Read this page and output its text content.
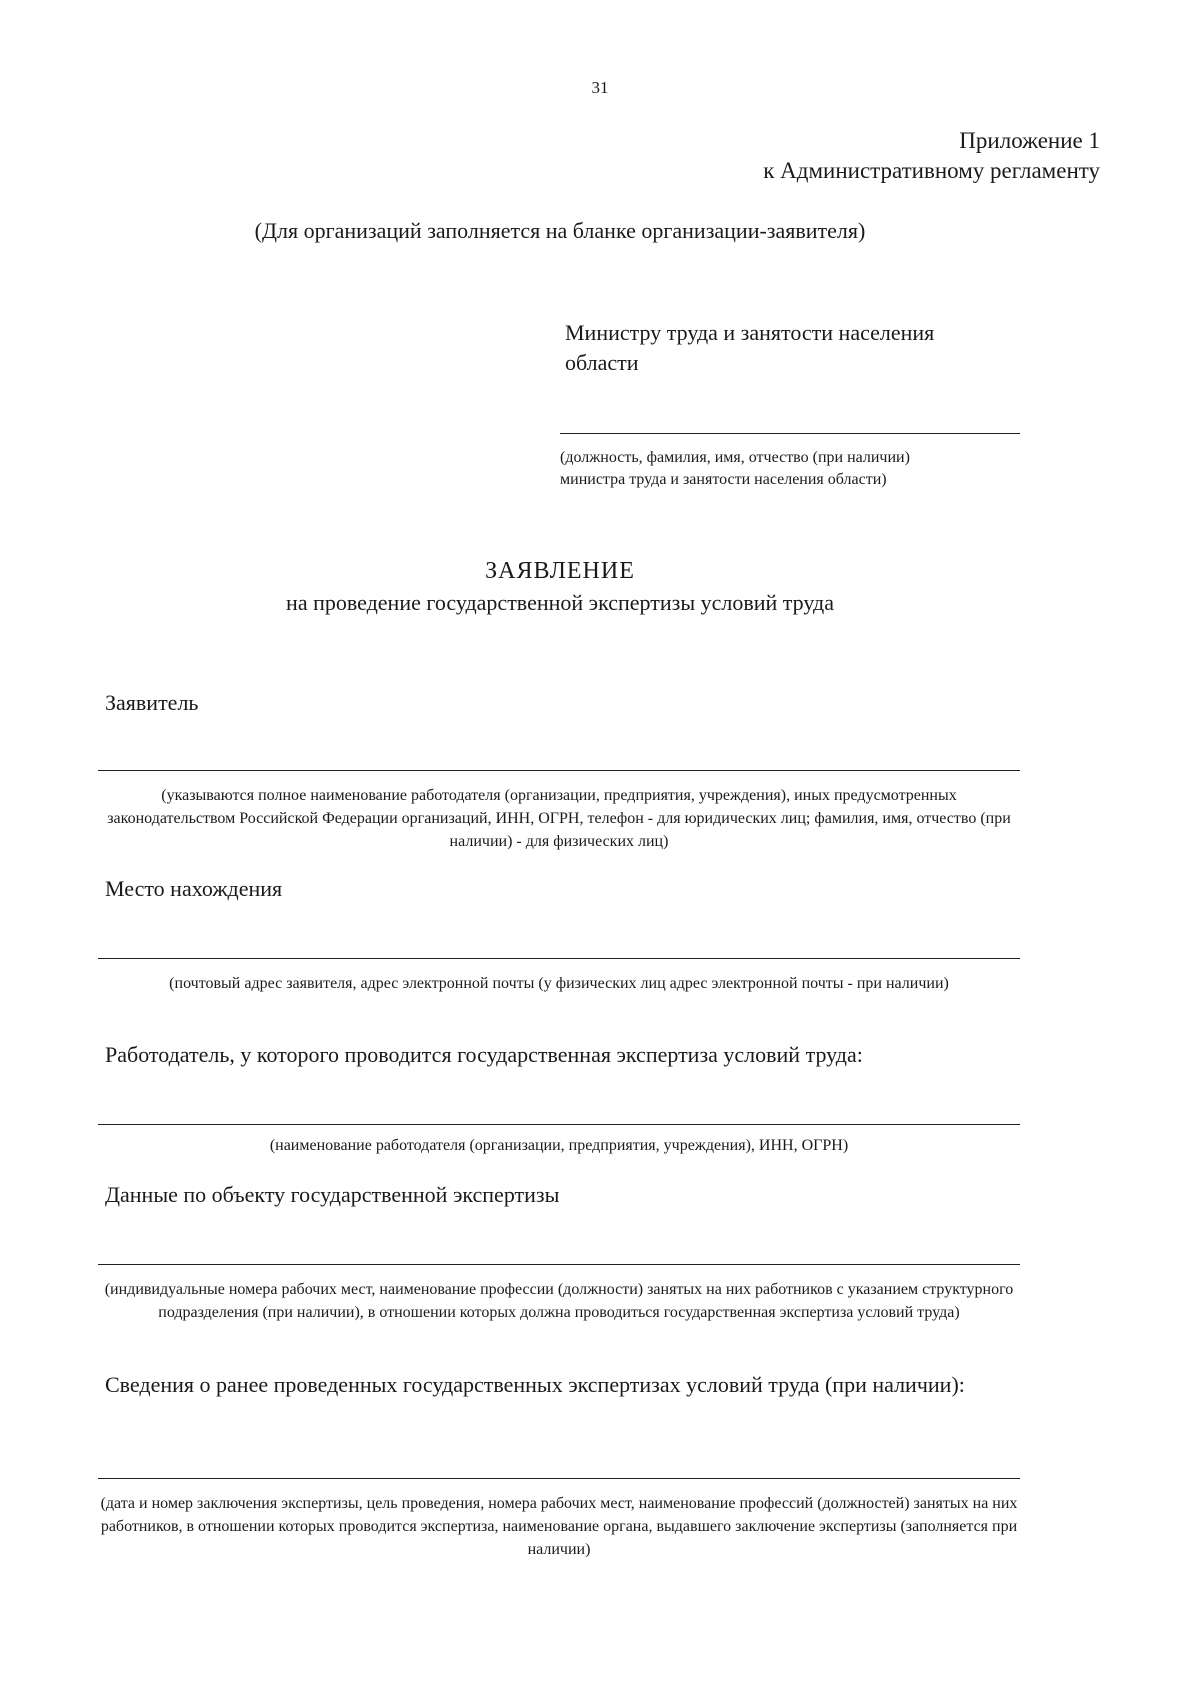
31
Приложение 1
к Административному регламенту
(Для организаций заполняется на бланке организации-заявителя)
Министру труда и занятости населения
области
(должность, фамилия, имя, отчество (при наличии)
министра труда и занятости населения области)
ЗАЯВЛЕНИЕ
на проведение государственной экспертизы условий труда
Заявитель
(указываются полное наименование работодателя (организации, предприятия, учреждения), иных предусмотренных законодательством Российской Федерации организаций, ИНН, ОГРН, телефон - для юридических лиц; фамилия, имя, отчество (при наличии) - для физических лиц)
Место нахождения
(почтовый адрес заявителя, адрес электронной почты (у физических лиц адрес электронной почты - при наличии)
Работодатель, у которого проводится государственная экспертиза условий труда:
(наименование работодателя (организации, предприятия, учреждения), ИНН, ОГРН)
Данные по объекту государственной экспертизы
(индивидуальные номера рабочих мест, наименование профессии (должности) занятых на них работников с указанием структурного подразделения (при наличии), в отношении которых должна проводиться государственная экспертиза условий труда)
Сведения о ранее проведенных государственных экспертизах условий труда (при наличии):
(дата и номер заключения экспертизы, цель проведения, номера рабочих мест, наименование профессий (должностей) занятых на них работников, в отношении которых проводится экспертиза, наименование органа, выдавшего заключение экспертизы (заполняется при наличии)
